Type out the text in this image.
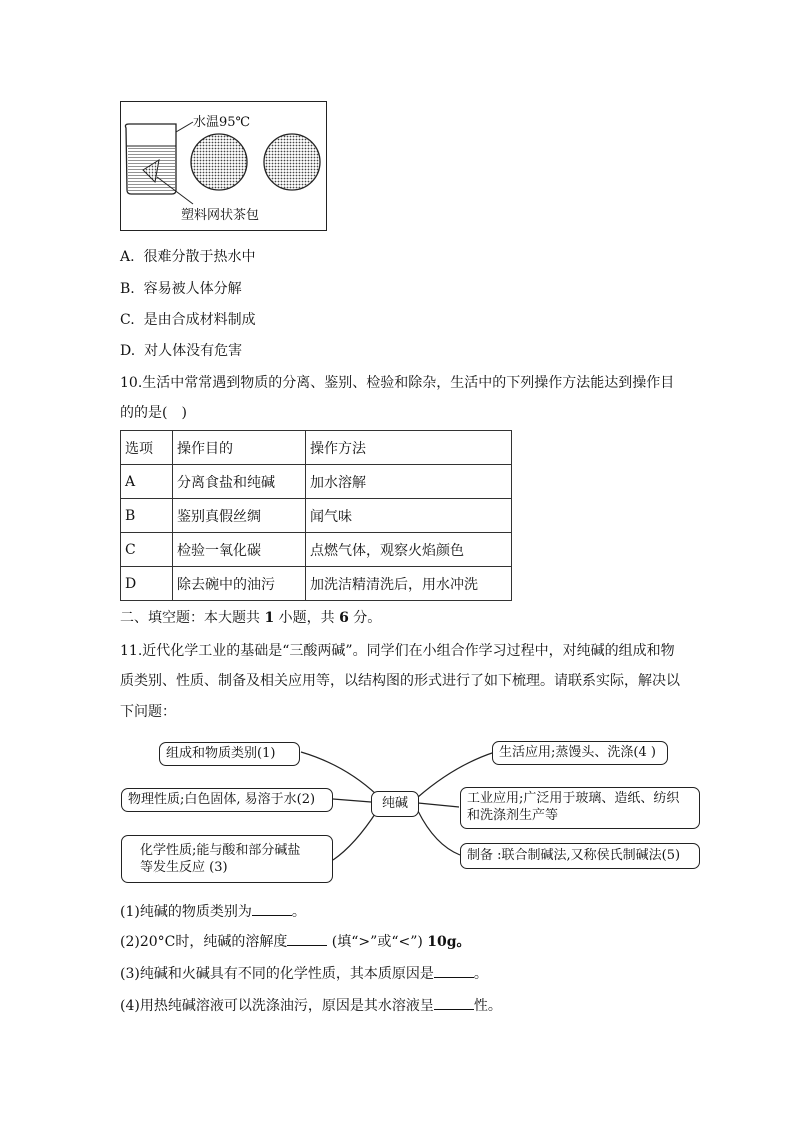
水温95℃
塑料网状茶包
A. 很难分散于热水中
B. 容易被人体分解
C. 是由合成材料制成
D. 对人体没有危害
10.生活中常常遇到物质的分离、鉴别、检验和除杂，生活中的下列操作方法能达到操作目
的的是(　)
选项	操作目的	操作方法
A	分离食盐和纯碱	加水溶解
B	鉴别真假丝绸	闻气味
C	检验一氧化碳	点燃气体，观察火焰颜色
D	除去碗中的油污	加洗洁精清洗后，用水冲洗
二、填空题：本大题共 1 小题，共 6 分。
11.近代化学工业的基础是“三酸两碱”。同学们在小组合作学习过程中，对纯碱的组成和物
质类别、性质、制备及相关应用等，以结构图的形式进行了如下梳理。请联系实际，解决以
下问题：
组成和物质类别(1)
物理性质;白色固体, 易溶于水(2)
化学性质;能与酸和部分碱盐
等发生反应 (3)
纯碱
生活应用;蒸馒头、洗涤(4 )
工业应用;广泛用于玻璃、造纸、纺织
和洗涤剂生产等
制备 :联合制碱法,又称侯氏制碱法(5)
(1)纯碱的物质类别为	。
(2)20°C时，纯碱的溶解度	(填“>”或“<”) 10g。
(3)纯碱和火碱具有不同的化学性质，其本质原因是	。
(4)用热纯碱溶液可以洗涤油污，原因是其水溶液呈	性。
